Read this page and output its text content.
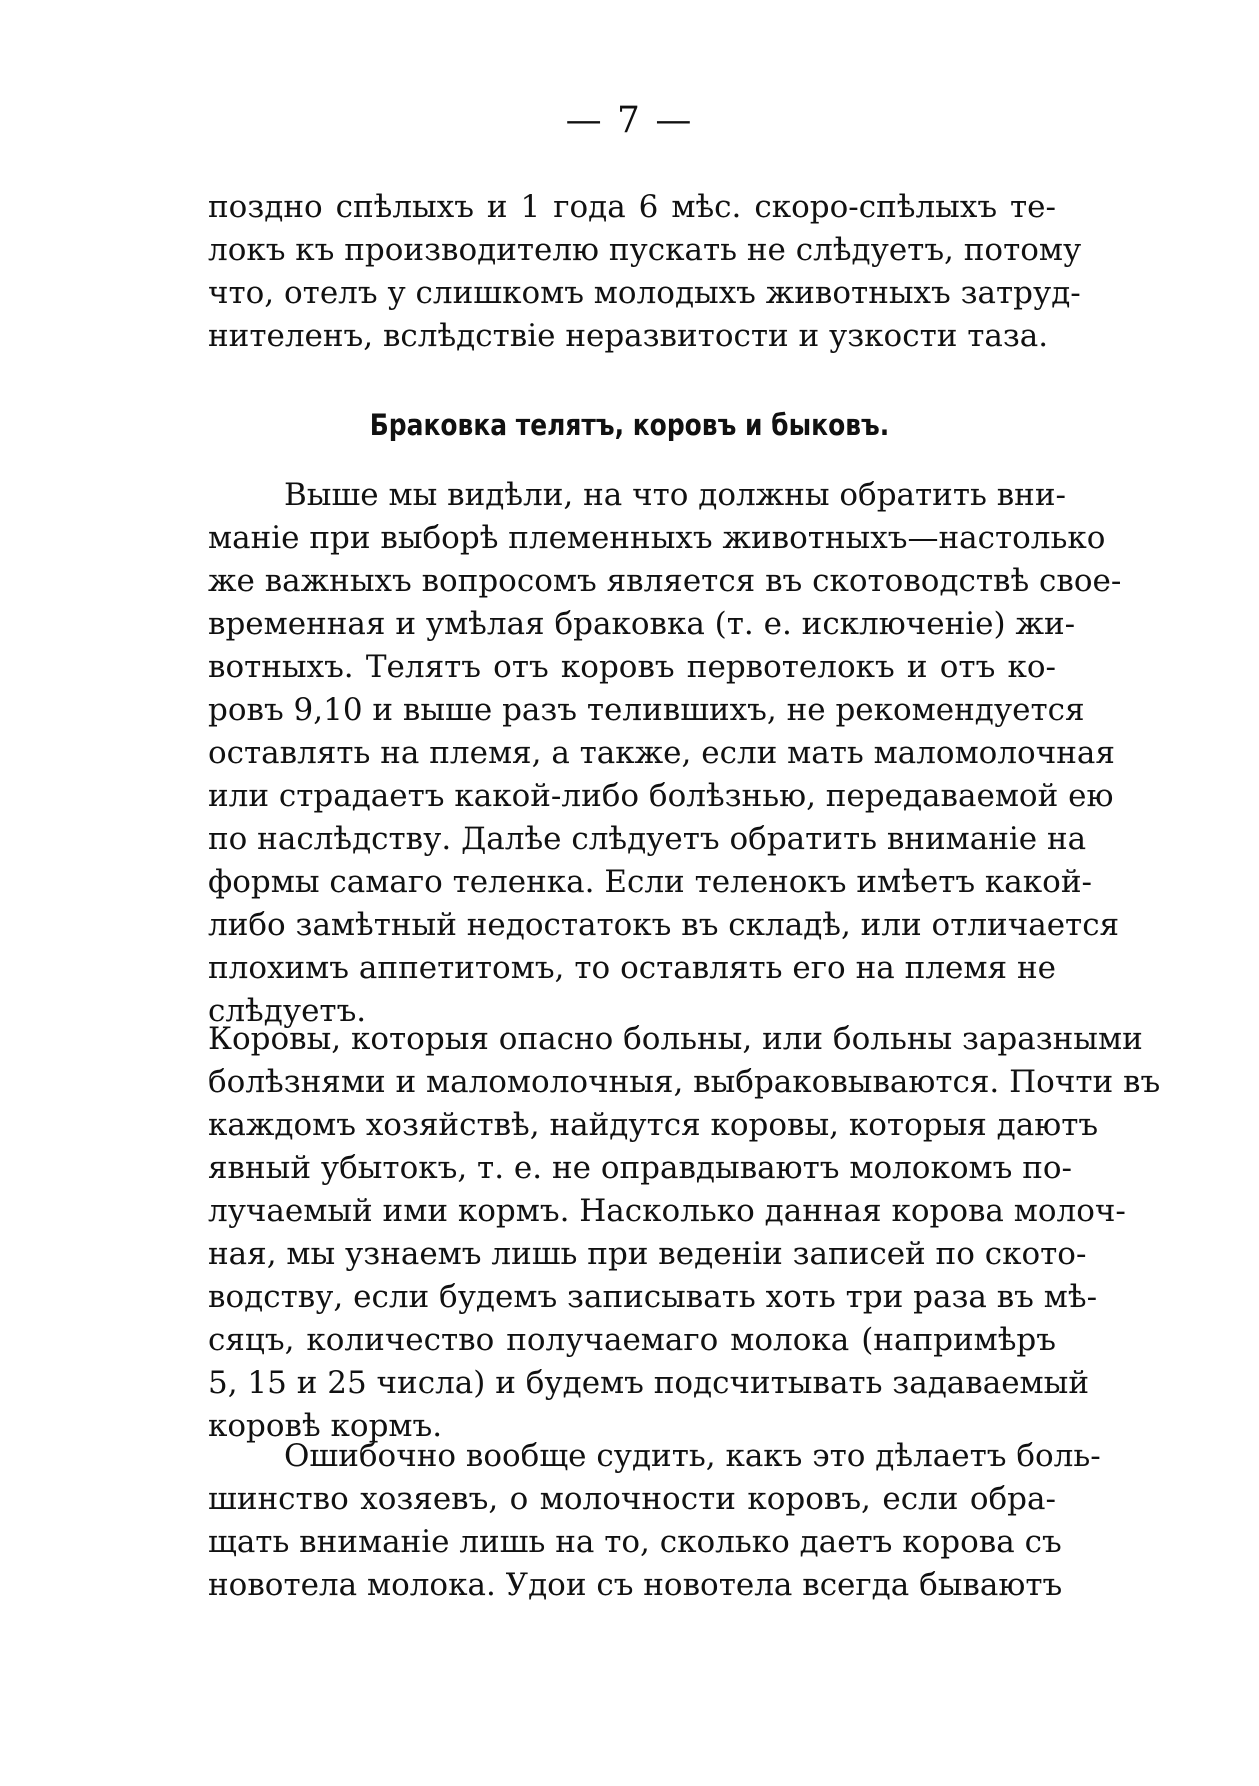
— 7 —
поздно спѣлыхъ и 1 года 6 мѣс. скоро-спѣлыхъ те-
локъ къ производителю пускать не слѣдуетъ, потому
что, отелъ у слишкомъ молодыхъ животныхъ затруд-
нителенъ, вслѣдствіе неразвитости и узкости таза.
Браковка телятъ, коровъ и быковъ.
Выше мы видѣли, на что должны обратить вни-
маніе при выборѣ племенныхъ животныхъ—настолько
же важныхъ вопросомъ является въ скотоводствѣ свое-
временная и умѣлая браковка (т. е. исключеніе) жи-
вотныхъ. Телятъ отъ коровъ первотелокъ и отъ ко-
ровъ 9,10 и выше разъ телившихъ, не рекомендуется
оставлять на племя, а также, если мать маломолочная
или страдаетъ какой-либо болѣзнью, передаваемой ею
по наслѣдству. Далѣе слѣдуетъ обратить вниманіе на
формы самаго теленка. Если теленокъ имѣетъ какой-
либо замѣтный недостатокъ въ складѣ, или отличается
плохимъ аппетитомъ, то оставлять его на племя не
слѣдуетъ.
Коровы, которыя опасно больны, или больны заразными
болѣзнями и маломолочныя, выбраковываются. Почти въ
каждомъ хозяйствѣ, найдутся коровы, которыя даютъ
явный убытокъ, т. е. не оправдываютъ молокомъ по-
лучаемый ими кормъ. Насколько данная корова молоч-
ная, мы узнаемъ лишь при веденіи записей по ското-
водству, если будемъ записывать хоть три раза въ мѣ-
сяцъ, количество получаемаго молока (напримѣръ
5, 15 и 25 числа) и будемъ подсчитывать задаваемый
коровѣ кормъ.
Ошибочно вообще судить, какъ это дѣлаетъ боль-
шинство хозяевъ, о молочности коровъ, если обра-
щать вниманіе лишь на то, сколько даетъ корова съ
новотела молока. Удои съ новотела всегда бываютъ
